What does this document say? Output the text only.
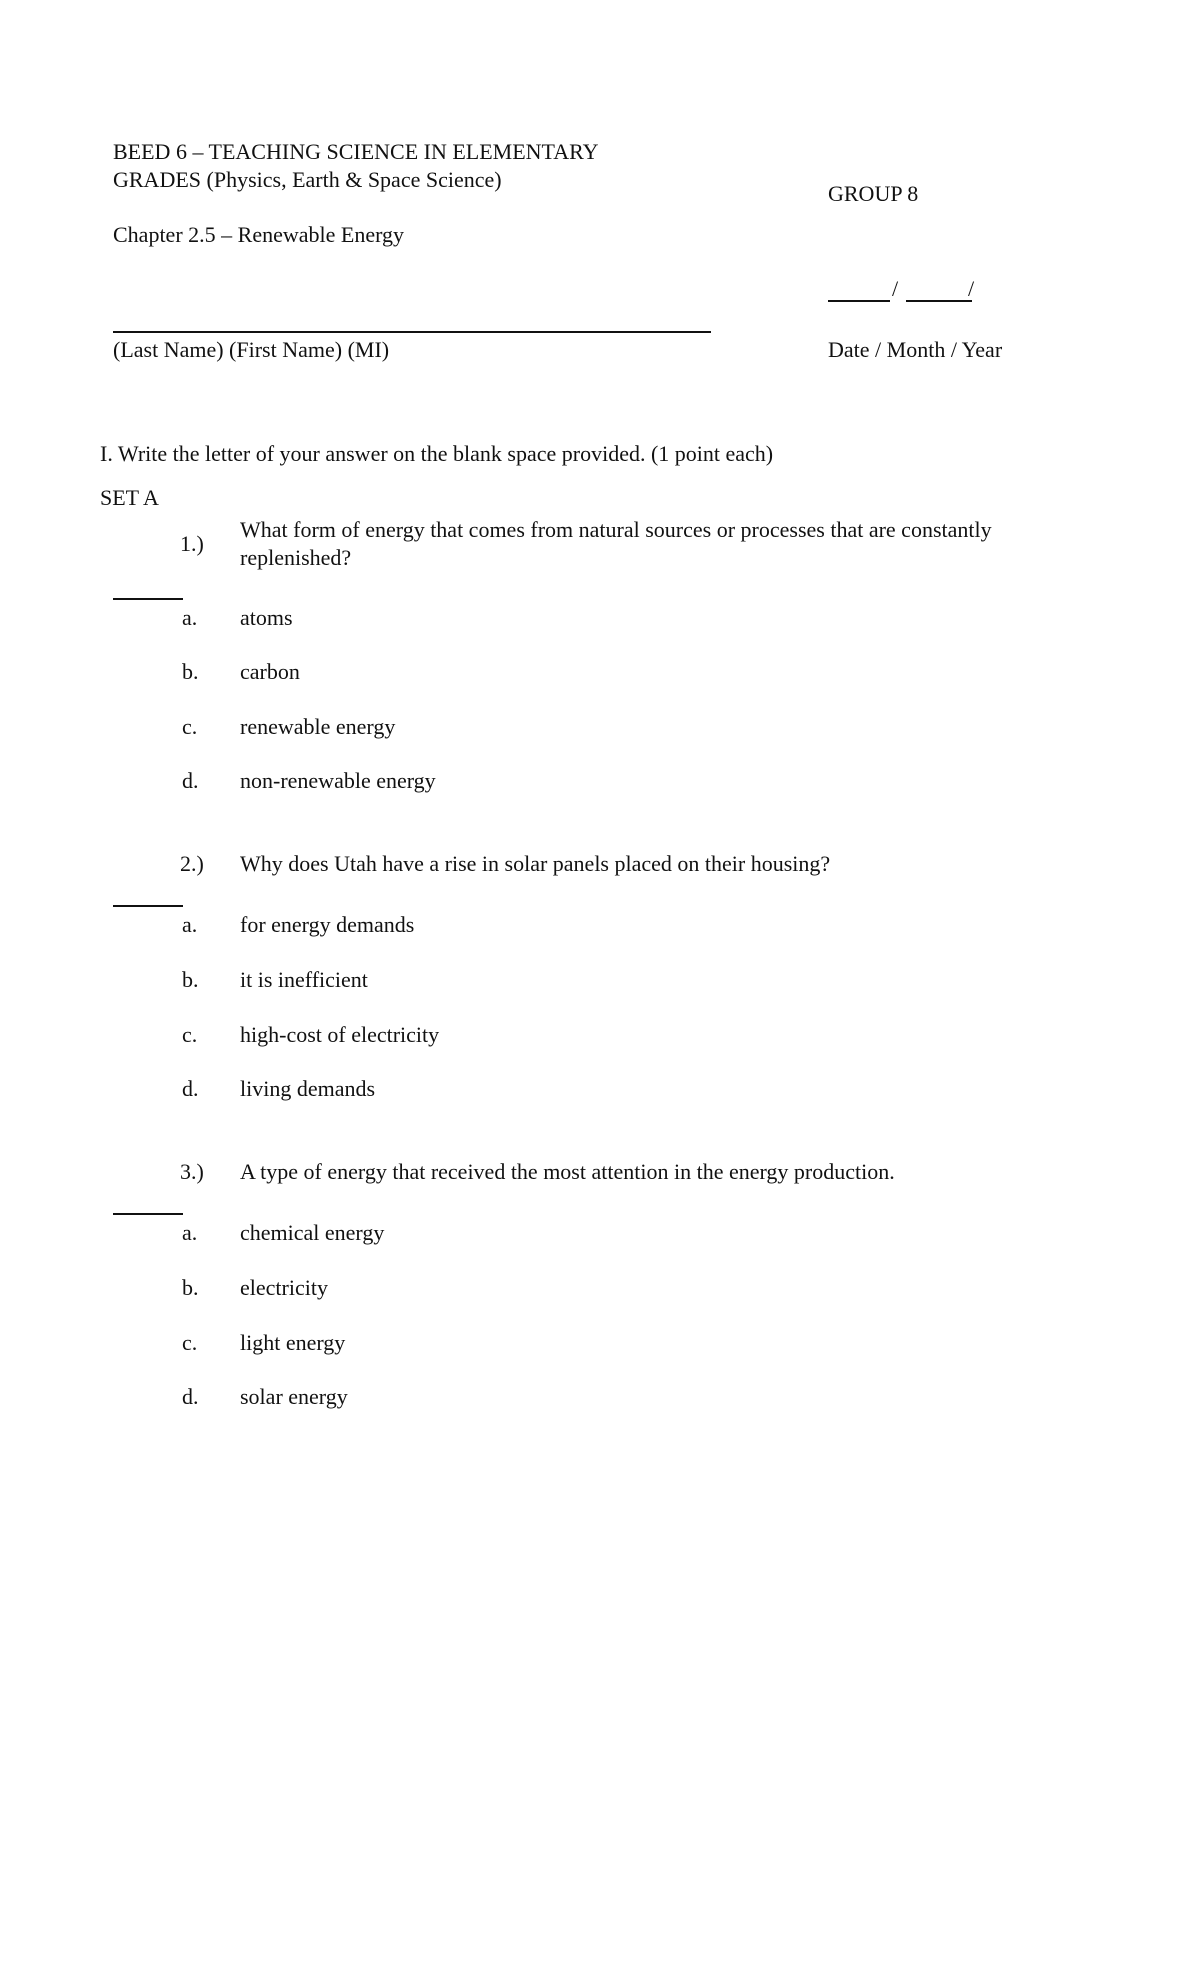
BEED 6 – TEACHING SCIENCE IN ELEMENTARY
GRADES (Physics, Earth & Space Science)
GROUP 8
Chapter 2.5 – Renewable Energy
/	/
(Last Name) (First Name) (MI)	Date / Month / Year
I. Write the letter of your answer on the blank space provided. (1 point each)
SET A
1.)
What form of energy that comes from natural sources or processes that are constantly replenished?
a. atoms
b. carbon
c. renewable energy
d. non-renewable energy
2.) Why does Utah have a rise in solar panels placed on their housing?
a. for energy demands
b. it is inefficient
c. high-cost of electricity
d. living demands
3.) A type of energy that received the most attention in the energy production.
a. chemical energy
b. electricity
c. light energy
d. solar energy
